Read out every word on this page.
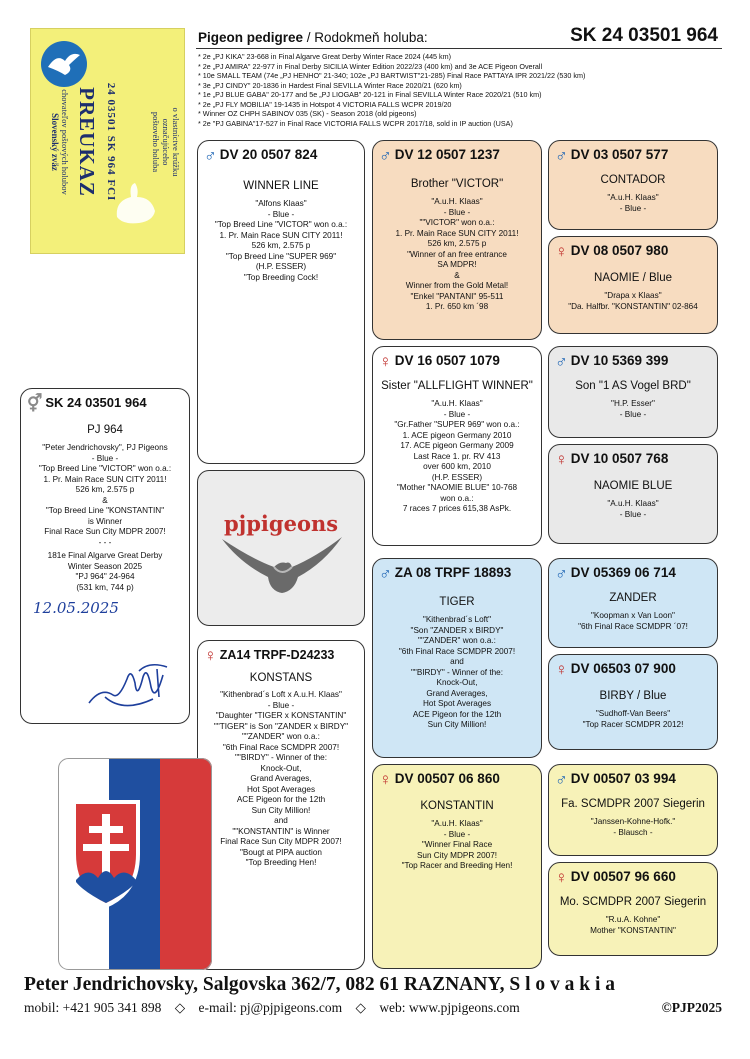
o vlastníctve krúžku
označujúceho
poštového holuba
24 03501 SK 964 FCI
PREUKAZ
chovateľov poštových holubov
Slovenský zväz
Pigeon pedigree / Rodokmeň holuba:	SK 24 03501 964
* 2e „PJ KIKA" 23-668 in Final Algarve Great Derby Winter Race 2024 (445 km)
* 2e „PJ AMIRA" 22-977 in Final Derby SICILIA Winter Edition 2022/23 (400 km) and 3e ACE Pigeon Overall
* 10e SMALL TEAM (74e „PJ HENHO" 21-340; 102e „PJ BARTWIST"21-285) Final Race PATTAYA IPR 2021/22 (530 km)
* 3e „PJ CINDY" 20-1836 in Hardest Final SEVILLA Winter Race 2020/21 (620 km)
* 1e „PJ BLUE GABA" 20-177 and 5e „PJ LIOGAB" 20-121 in Final SEVILLA Winter Race 2020/21 (510 km)
* 2e „PJ FLY MOBILIA" 19-1435 in Hotspot 4 VICTORIA FALLS WCPR 2019/20
* Winner OZ CHPH SABINOV 035 (SK) - Season 2018 (old pigeons)
* 2e "PJ GABINA"17-527 in Final Race VICTORIA FALLS WCPR 2017/18, sold in IP auction (USA)
⚥ SK 24 03501 964
PJ 964
"Peter Jendrichovsky", PJ Pigeons
- Blue -
"Top Breed Line "VICTOR" won o.a.:
1. Pr. Main Race SUN CITY 2011!
526 km, 2.575 p
&
"Top Breed Line "KONSTANTIN"
is Winner
Final Race Sun City MDPR 2007!
- - -
181e Final Algarve Great Derby
Winter Season 2025
"PJ 964" 24-964
(531 km, 744 p)
12.05.2025
pjpigeons
♂ DV 20 0507 824
WINNER LINE
"Alfons Klaas"
- Blue -
"Top Breed Line "VICTOR" won o.a.:
1. Pr. Main Race SUN CITY 2011!
526 km, 2.575 p
"Top Breed Line "SUPER 969"
(H.P. ESSER)
"Top Breeding Cock!
♀ ZA14 TRPF-D24233
KONSTANS
"Kithenbrad´s Loft x A.u.H. Klaas"
- Blue -
"Daughter "TIGER x KONSTANTIN"
""TIGER" is Son "ZANDER x BIRDY"
""ZANDER" won o.a.:
"6th Final Race SCMDPR 2007!
""BIRDY" - Winner of the:
Knock-Out,
Grand Averages,
Hot Spot Averages
ACE Pigeon for the 12th
Sun City Million!
and
""KONSTANTIN" is Winner
Final Race Sun City MDPR 2007!
"Bougt at PIPA auction
"Top Breeding Hen!
♂ DV 12 0507 1237
Brother "VICTOR"
"A.u.H. Klaas"
- Blue -
""VICTOR" won o.a.:
1. Pr. Main Race SUN CITY 2011!
526 km, 2.575 p
"Winner of an free entrance
SA MDPR!
&
Winner from the Gold Metal!
"Enkel "PANTANI" 95-511
1. Pr. 650 km ´98
♀ DV 16 0507 1079
Sister "ALLFLIGHT WINNER"
"A.u.H. Klaas"
- Blue -
"Gr.Father "SUPER 969" won o.a.:
1. ACE pigeon Germany 2010
17. ACE pigeon Germany 2009
Last Race 1. pr. RV 413
over 600 km, 2010
(H.P. ESSER)
"Mother "NAOMIE BLUE" 10-768
won o.a.:
7 races 7 prices 615,38 AsPk.
♂ ZA 08 TRPF 18893
TIGER
"Kithenbrad´s Loft"
"Son "ZANDER x BIRDY"
""ZANDER" won o.a.:
"6th Final Race SCMDPR 2007!
and
""BIRDY" - Winner of the:
Knock-Out,
Grand Averages,
Hot Spot Averages
ACE Pigeon for the 12th
Sun City Million!
♀ DV 00507 06 860
KONSTANTIN
"A.u.H. Klaas"
- Blue -
"Winner Final Race
Sun City MDPR 2007!
"Top Racer and Breeding Hen!
♂ DV 03 0507 577
CONTADOR
"A.u.H. Klaas"
- Blue -
♀ DV 08 0507 980
NAOMIE / Blue
"Drapa x Klaas"
"Da. Halfbr. "KONSTANTIN" 02-864
♂ DV 10 5369 399
Son "1 AS Vogel BRD"
"H.P. Esser"
- Blue -
♀ DV 10 0507 768
NAOMIE BLUE
"A.u.H. Klaas"
- Blue -
♂ DV 05369 06 714
ZANDER
"Koopman x Van Loon"
"6th Final Race SCMDPR ´07!
♀ DV 06503 07 900
BIRBY / Blue
"Sudhoff-Van Beers"
"Top Racer SCMDPR 2012!
♂ DV 00507 03 994
Fa. SCMDPR 2007 Siegerin
"Janssen-Kohne-Hofk."
- Blausch -
♀ DV 00507 96 660
Mo. SCMDPR 2007 Siegerin
"R.u.A. Kohne"
Mother "KONSTANTIN"
Peter Jendrichovsky, Salgovska 362/7, 082 61 RAZNANY, S l o v a k i a
mobil: +421 905 341 898 ◇ e-mail: pj@pjpigeons.com ◇ web: www.pjpigeons.com	©PJP2025
